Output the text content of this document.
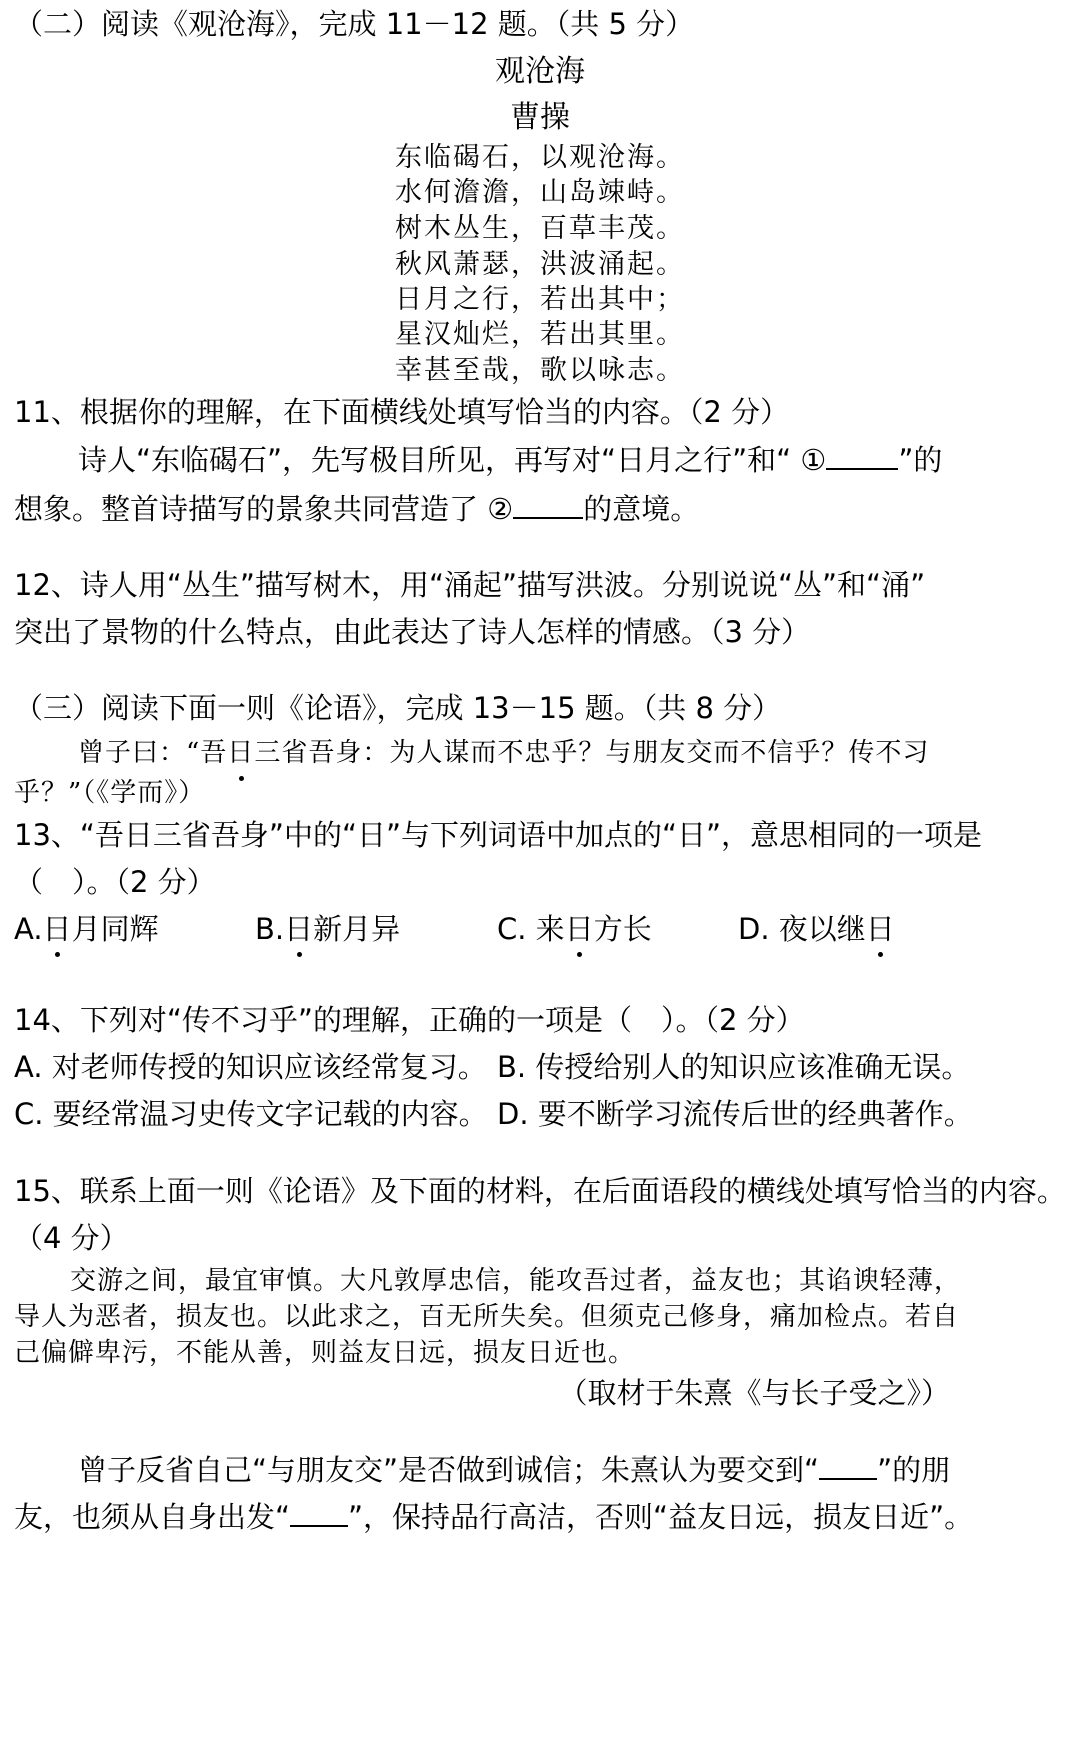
（二）阅读《观沧海》，完成 11－12 题。（共 5 分）
观沧海
曹操
东临碣石，以观沧海。
水何澹澹，山岛竦峙。
树木丛生，百草丰茂。
秋风萧瑟，洪波涌起。
日月之行，若出其中；
星汉灿烂，若出其里。
幸甚至哉，歌以咏志。
11、根据你的理解，在下面横线处填写恰当的内容。（2 分）
诗人“东临碣石”，先写极目所见，再写对“日月之行”和“ ① ”的
想象。整首诗描写的景象共同营造了 ② 的意境。
12、诗人用“丛生”描写树木，用“涌起”描写洪波。分别说说“丛”和“涌”
突出了景物的什么特点，由此表达了诗人怎样的情感。（3 分）
（三）阅读下面一则《论语》，完成 13－15 题。（共 8 分）
曾子曰：“吾日三省吾身：为人谋而不忠乎？与朋友交而不信乎？传不习
乎？”（《学而》）
13、“吾日三省吾身”中的“日”与下列词语中加点的“日”，意思相同的一项是
（　）。（2 分）
A.日月同辉	B.日新月异	C. 来日方长	D. 夜以继日
14、下列对“传不习乎”的理解，正确的一项是（　）。（2 分）
A. 对老师传授的知识应该经常复习。 B. 传授给别人的知识应该准确无误。
C. 要经常温习史传文字记载的内容。 D. 要不断学习流传后世的经典著作。
15、联系上面一则《论语》及下面的材料，在后面语段的横线处填写恰当的内容。
（4 分）
交游之间，最宜审慎。大凡敦厚忠信，能攻吾过者，益友也；其谄谀轻薄，
导人为恶者，损友也。以此求之，百无所失矣。但须克己修身，痛加检点。若自
己偏僻卑污，不能从善，则益友日远，损友日近也。
（取材于朱熹《与长子受之》）
曾子反省自己“与朋友交”是否做到诚信；朱熹认为要交到“ ”的朋
友，也须从自身出发“ ”，保持品行高洁，否则“益友日远，损友日近”。
